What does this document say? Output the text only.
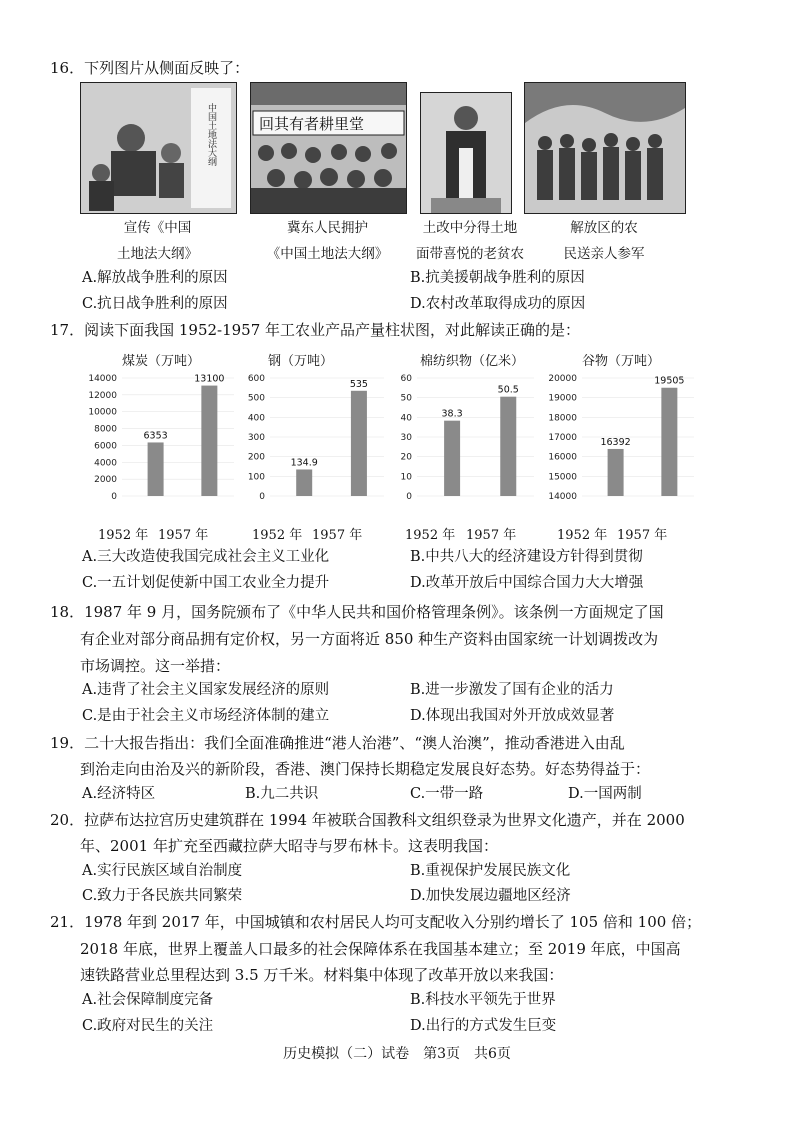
16．下列图片从侧面反映了：
中国土地法大纲	回其有者耕里堂
宣传《中国
土地法大纲》
冀东人民拥护
《中国土地法大纲》
土改中分得土地
面带喜悦的老贫农
解放区的农
民送亲人参军
A.解放战争胜利的原因	B.抗美援朝战争胜利的原因
C.抗日战争胜利的原因	D.农村改革取得成功的原因
17．阅读下面我国 1952-1957 年工农业产品产量柱状图，对此解读正确的是：
煤炭（万吨）	钢（万吨）	棉纺织物（亿米）	谷物（万吨）
0
2000
4000
6000
8000
10000
12000
14000
6353
13100
0
100
200
300
400
500
600
134.9
535
0
10
20
30
40
50
60
38.3
50.5
14000
15000
16000
17000
18000
19000
20000
16392
19505
1952 年 1957 年	1952 年 1957 年	1952 年 1957 年	1952 年 1957 年
A.三大改造使我国完成社会主义工业化	B.中共八大的经济建设方针得到贯彻
C.一五计划促使新中国工农业全力提升	D.改革开放后中国综合国力大大增强
18．1987 年 9 月，国务院颁布了《中华人民共和国价格管理条例》。该条例一方面规定了国
有企业对部分商品拥有定价权，另一方面将近 850 种生产资料由国家统一计划调拨改为
市场调控。这一举措：
A.违背了社会主义国家发展经济的原则	B.进一步激发了国有企业的活力
C.是由于社会主义市场经济体制的建立	D.体现出我国对外开放成效显著
19．二十大报告指出：我们全面准确推进“港人治港”、“澳人治澳”，推动香港进入由乱
到治走向由治及兴的新阶段，香港、澳门保持长期稳定发展良好态势。好态势得益于：
A.经济特区	B.九二共识	C.一带一路	D.一国两制
20．拉萨布达拉宫历史建筑群在 1994 年被联合国教科文组织登录为世界文化遗产，并在 2000
年、2001 年扩充至西藏拉萨大昭寺与罗布林卡。这表明我国：
A.实行民族区域自治制度	B.重视保护发展民族文化
C.致力于各民族共同繁荣	D.加快发展边疆地区经济
21．1978 年到 2017 年，中国城镇和农村居民人均可支配收入分别约增长了 105 倍和 100 倍；
2018 年底，世界上覆盖人口最多的社会保障体系在我国基本建立；至 2019 年底，中国高
速铁路营业总里程达到 3.5 万千米。材料集中体现了改革开放以来我国：
A.社会保障制度完备	B.科技水平领先于世界
C.政府对民生的关注	D.出行的方式发生巨变
历史模拟（二）试卷　第3页　共6页
